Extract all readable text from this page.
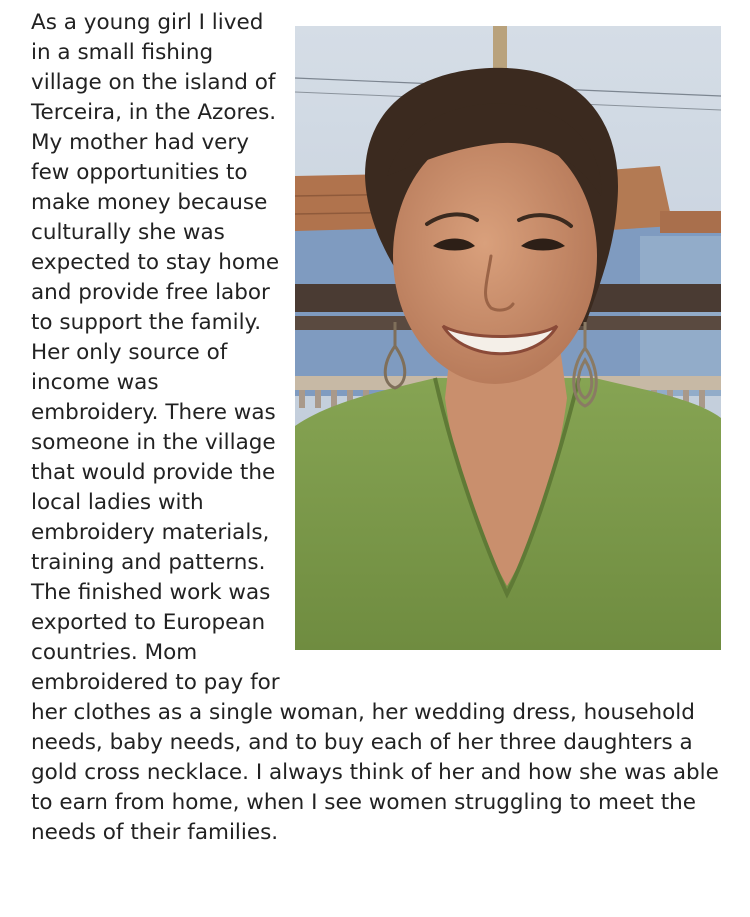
As a young girl I lived in a small fishing village on the island of Terceira, in the Azores. My mother had very few opportunities to make money because culturally she was expected to stay home and provide free labor to support the family. Her only source of income was embroidery. There was someone in the village that would provide the local ladies with embroidery materials, training and patterns. The finished work was exported to European countries. Mom embroidered to pay for her clothes as a single woman, her wedding dress, household needs, baby needs, and to buy each of her three daughters a gold cross necklace. I always think of her and how she was able to earn from home, when I see women struggling to meet the needs of their families.
